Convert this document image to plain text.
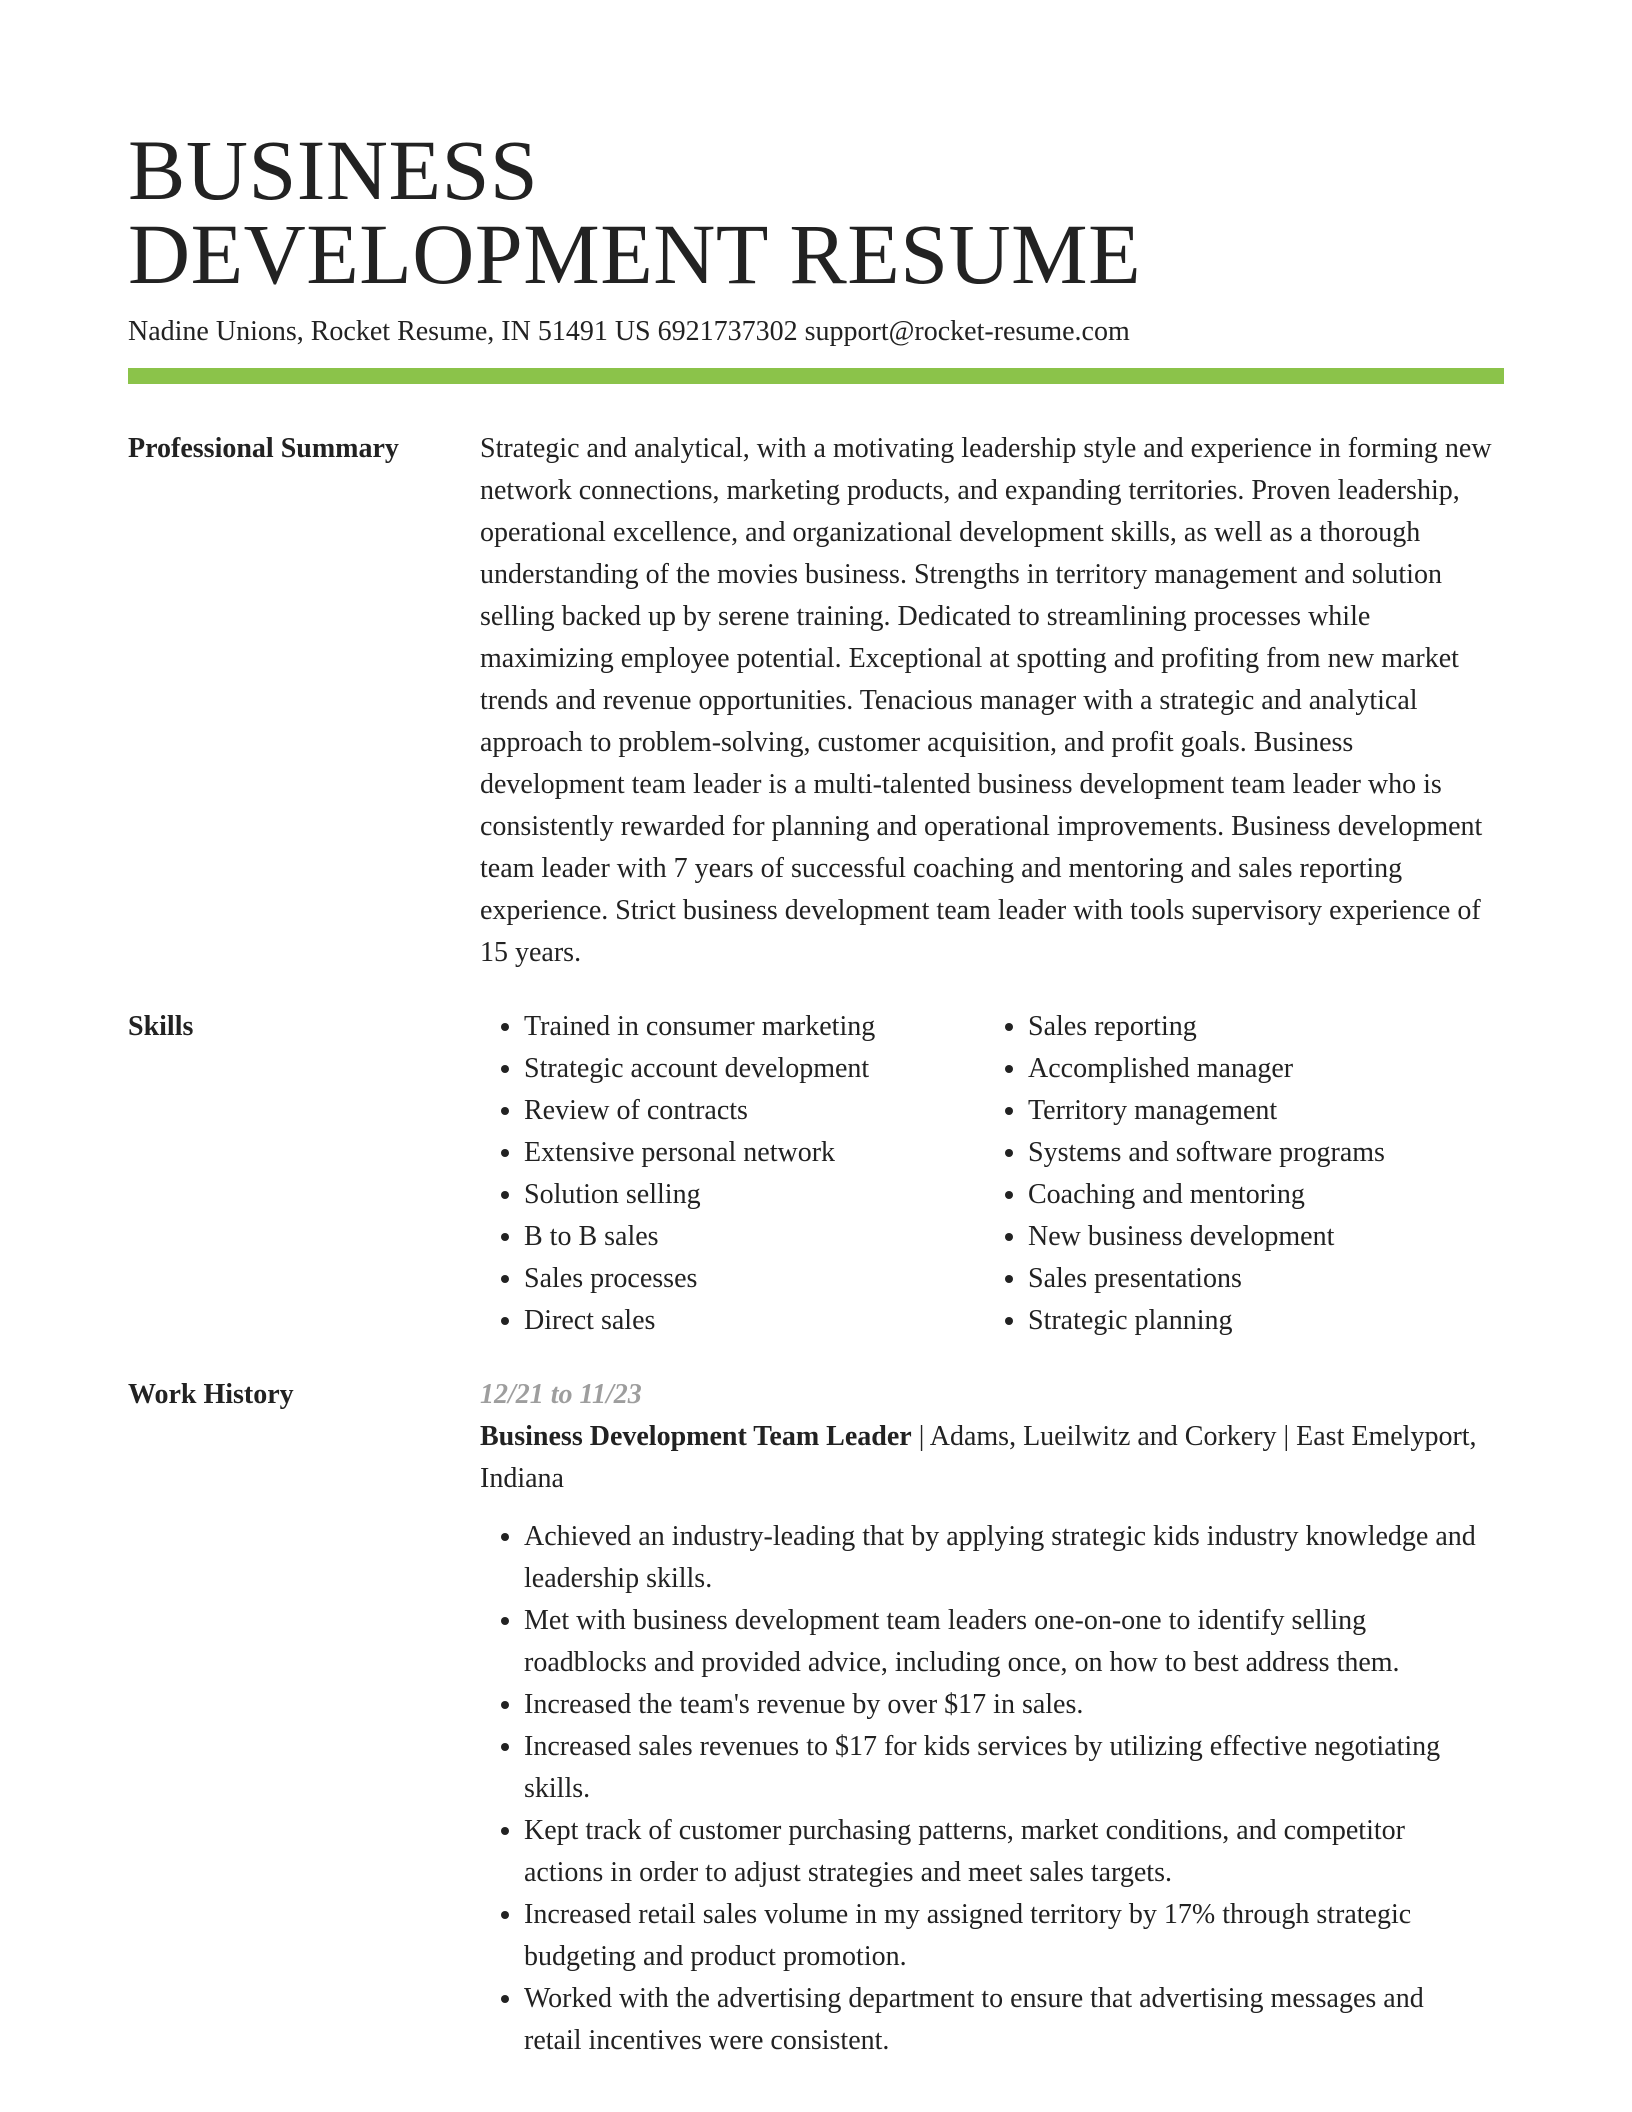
BUSINESS
DEVELOPMENT RESUME
Nadine Unions, Rocket Resume, IN 51491 US 6921737302 support@rocket-resume.com
Professional Summary	Strategic and analytical, with a motivating leadership style and experience in forming new network connections, marketing products, and expanding territories. Proven leadership, operational excellence, and organizational development skills, as well as a thorough understanding of the movies business. Strengths in territory management and solution selling backed up by serene training. Dedicated to streamlining processes while maximizing employee potential. Exceptional at spotting and profiting from new market trends and revenue opportunities. Tenacious manager with a strategic and analytical approach to problem-solving, customer acquisition, and profit goals. Business development team leader is a multi-talented business development team leader who is consistently rewarded for planning and operational improvements. Business development team leader with 7 years of successful coaching and mentoring and sales reporting experience. Strict business development team leader with tools supervisory experience of 15 years.

Skills
•	Trained in consumer marketing
• Strategic account development
• Review of contracts
• Extensive personal network
• Solution selling
• B to B sales
• Sales processes
• Direct sales
• Sales reporting
• Accomplished manager
• Territory management
• Systems and software programs
• Coaching and mentoring
• New business development
• Sales presentations
• Strategic planning
Work History	12/21 to 11/23

Business Development Team Leader | Adams, Lueilwitz and Corkery | East Emelyport, Indiana

• Achieved an industry-leading that by applying strategic kids industry knowledge and leadership skills.
• Met with business development team leaders one-on-one to identify selling roadblocks and provided advice, including once, on how to best address them.
• Increased the team's revenue by over $17 in sales.
• Increased sales revenues to $17 for kids services by utilizing effective negotiating skills.
• Kept track of customer purchasing patterns, market conditions, and competitor actions in order to adjust strategies and meet sales targets.
• Increased retail sales volume in my assigned territory by 17% through strategic budgeting and product promotion.
• Worked with the advertising department to ensure that advertising messages and retail incentives were consistent.
